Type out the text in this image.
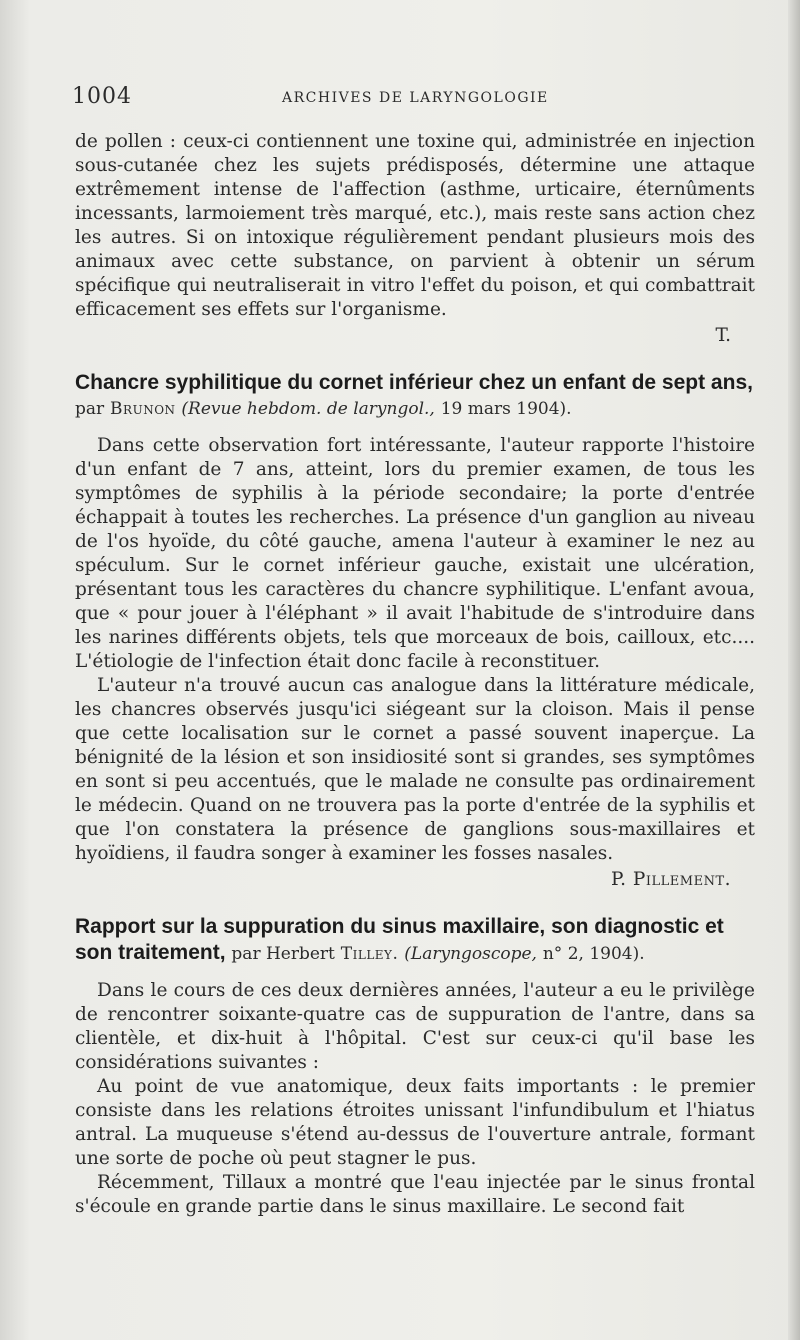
1004	ARCHIVES DE LARYNGOLOGIE

de pollen : ceux-ci contiennent une toxine qui, administrée en injection sous-cutanée chez les sujets prédisposés, détermine une attaque extrêmement intense de l'affection (asthme, urticaire, éternûments incessants, larmoiement très marqué, etc.), mais reste sans action chez les autres. Si on intoxique régulièrement pendant plusieurs mois des animaux avec cette substance, on parvient à obtenir un sérum spécifique qui neutraliserait in vitro l'effet du poison, et qui combattrait efficacement ses effets sur l'organisme.

T.

Chancre syphilitique du cornet inférieur chez un enfant de sept ans, par Brunon (Revue hebdom. de laryngol., 19 mars 1904).

Dans cette observation fort intéressante, l'auteur rapporte l'histoire d'un enfant de 7 ans, atteint, lors du premier examen, de tous les symptômes de syphilis à la période secondaire; la porte d'entrée échappait à toutes les recherches. La présence d'un ganglion au niveau de l'os hyoïde, du côté gauche, amena l'auteur à examiner le nez au spéculum. Sur le cornet inférieur gauche, existait une ulcération, présentant tous les caractères du chancre syphilitique. L'enfant avoua, que « pour jouer à l'éléphant » il avait l'habitude de s'introduire dans les narines différents objets, tels que morceaux de bois, cailloux, etc.... L'étiologie de l'infection était donc facile à reconstituer.

L'auteur n'a trouvé aucun cas analogue dans la littérature médicale, les chancres observés jusqu'ici siégeant sur la cloison. Mais il pense que cette localisation sur le cornet a passé souvent inaperçue. La bénignité de la lésion et son insidiosité sont si grandes, ses symptômes en sont si peu accentués, que le malade ne consulte pas ordinairement le médecin. Quand on ne trouvera pas la porte d'entrée de la syphilis et que l'on constatera la présence de ganglions sous-maxillaires et hyoïdiens, il faudra songer à examiner les fosses nasales.

P. Pillement.

Rapport sur la suppuration du sinus maxillaire, son diagnostic et son traitement, par Herbert Tilley. (Laryngoscope, n° 2, 1904).

Dans le cours de ces deux dernières années, l'auteur a eu le privilège de rencontrer soixante-quatre cas de suppuration de l'antre, dans sa clientèle, et dix-huit à l'hôpital. C'est sur ceux-ci qu'il base les considérations suivantes :

Au point de vue anatomique, deux faits importants : le premier consiste dans les relations étroites unissant l'infundibulum et l'hiatus antral. La muqueuse s'étend au-dessus de l'ouverture antrale, formant une sorte de poche où peut stagner le pus.

Récemment, Tillaux a montré que l'eau injectée par le sinus frontal s'écoule en grande partie dans le sinus maxillaire. Le second fait
